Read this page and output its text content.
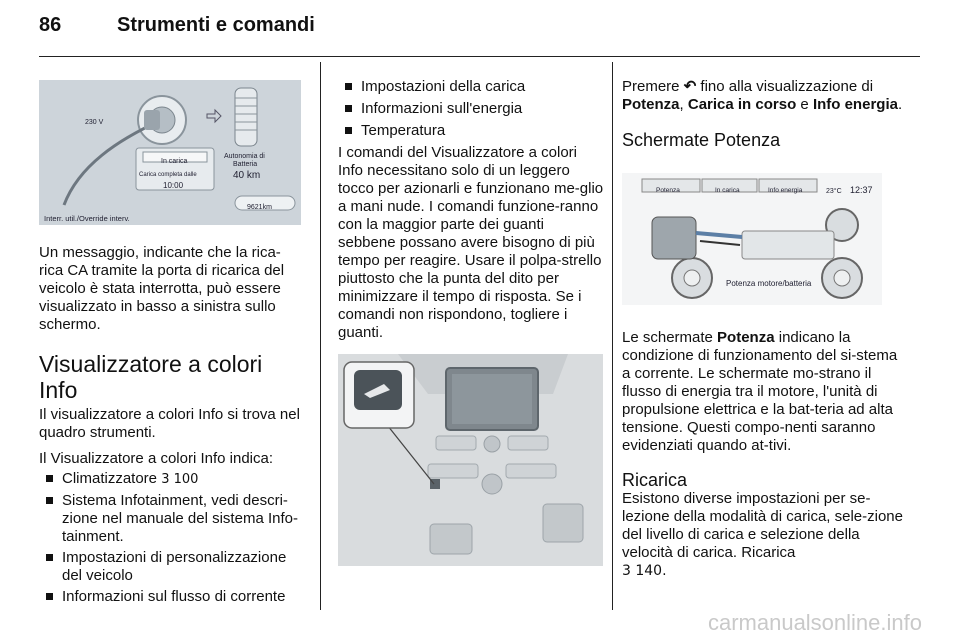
86	Strumenti e comandi
230 V
In carica
Carica completa dalle
10:00
Autonomia di
Batteria
40 km
9621km
Interr. util./Override interv.

Un messaggio, indicante che la rica-rica CA tramite la porta di ricarica del veicolo è stata interrotta, può essere visualizzato in basso a sinistra sullo schermo.

Visualizzatore a colori Info

Il visualizzatore a colori Info si trova nel quadro strumenti.

Il Visualizzatore a colori Info indica:

Climatizzatore 3 100

Sistema Infotainment, vedi descri-zione nel manuale del sistema Info-tainment.

Impostazioni di personalizzazione del veicolo

Informazioni sul flusso di corrente

Impostazioni della carica

Informazioni sull'energia

Temperatura

I comandi del Visualizzatore a colori Info necessitano solo di un leggero tocco per azionarli e funzionano me-glio a mani nude. I comandi funzione-ranno con la maggior parte dei guanti sebbene possano avere bisogno di più tempo per reagire. Usare il polpa-strello piuttosto che la punta del dito per minimizzare il tempo di risposta. Se i comandi non rispondono, togliere i guanti.

Premere ↶ fino alla visualizzazione di Potenza, Carica in corso e Info energia.

Schermate Potenza
Potenza	In carica	Info energia	23°C 12:37
Potenza motore/batteria

Le schermate Potenza indicano la condizione di funzionamento del si-stema a corrente. Le schermate mo-strano il flusso di energia tra il motore, l'unità di propulsione elettrica e la bat-teria ad alta tensione. Questi compo-nenti saranno evidenziati quando at-tivi.

Ricarica

Esistono diverse impostazioni per se-lezione della modalità di carica, sele-zione del livello di carica e selezione della velocità di carica. Ricarica

3 140.

carmanualsonline.info
